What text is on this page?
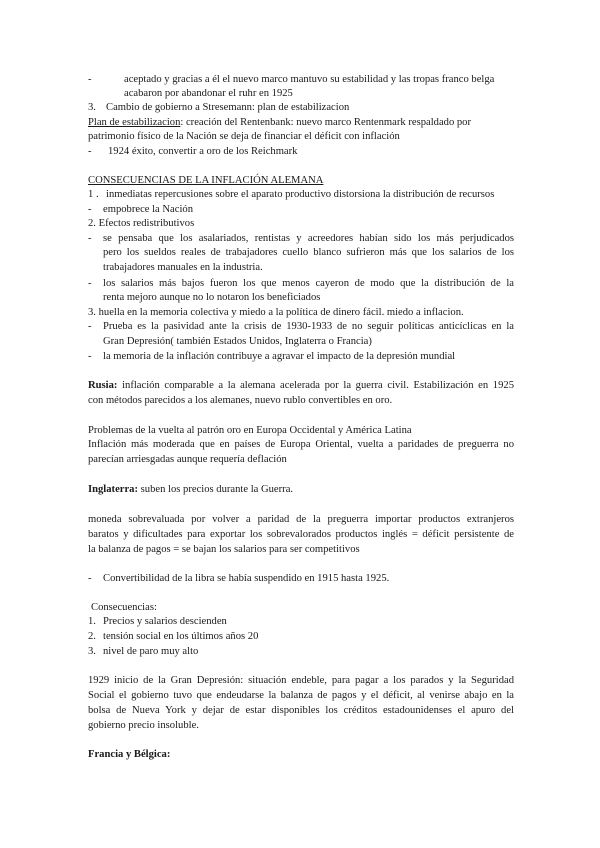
-	aceptado y gracias a él el nuevo marco mantuvo su estabilidad y las tropas franco belga
acabaron por abandonar el ruhr en 1925
3. Cambio de gobierno a Stresemann: plan de estabilizacion
Plan de estabilizacion: creación del Rentenbank: nuevo marco Rentenmark respaldado por
patrimonio físico de la Nación se deja de financiar el déficit con inflación
- 1924 éxito, convertir a oro de los Reichmark
CONSECUENCIAS DE LA INFLACIÓN ALEMANA
1 . inmediatas repercusiones sobre el aparato productivo distorsiona la distribución de recursos
- empobrece la Nación
2. Efectos redistributivos
- se pensaba que los asalariados, rentistas y acreedores habían sido los más perjudicados
pero los sueldos reales de trabajadores cuello blanco sufrieron más que los salarios de los
trabajadores manuales en la industria.
- los salarios más bajos fueron los que menos cayeron de modo que la distribución de la
renta mejoro aunque no lo notaron los beneficiados
3. huella en la memoria colectiva y miedo a la política de dinero fácil. miedo a inflacion.
- Prueba es la pasividad ante la crisis de 1930-1933 de no seguir políticas anticíclicas en la
Gran Depresión( también Estados Unidos, Inglaterra o Francia)
- la memoria de la inflación contribuye a agravar el impacto de la depresión mundial
Rusia: inflación comparable a la alemana acelerada por la guerra civil. Estabilización en 1925
con métodos parecidos a los alemanes, nuevo rublo convertibles en oro.
Problemas de la vuelta al patrón oro en Europa Occidental y América Latina
Inflación más moderada que en países de Europa Oriental, vuelta a paridades de preguerra no
parecían arriesgadas aunque requería deflación
Inglaterra: suben los precios durante la Guerra.
moneda sobrevaluada por volver a paridad de la preguerra importar productos extranjeros
baratos y dificultades para exportar los sobrevalorados productos inglés = déficit persistente de
la balanza de pagos = se bajan los salarios para ser competitivos
- Convertibilidad de la libra se había suspendido en 1915 hasta 1925.
Consecuencias:
1. Precios y salarios descienden
2. tensión social en los últimos años 20
3. nivel de paro muy alto
1929 inicio de la Gran Depresión: situación endeble, para pagar a los parados y la Seguridad
Social el gobierno tuvo que endeudarse la balanza de pagos y el déficit, al venirse abajo en la
bolsa de Nueva York y dejar de estar disponibles los créditos estadounidenses el apuro del
gobierno precio insoluble.
Francia y Bélgica:
